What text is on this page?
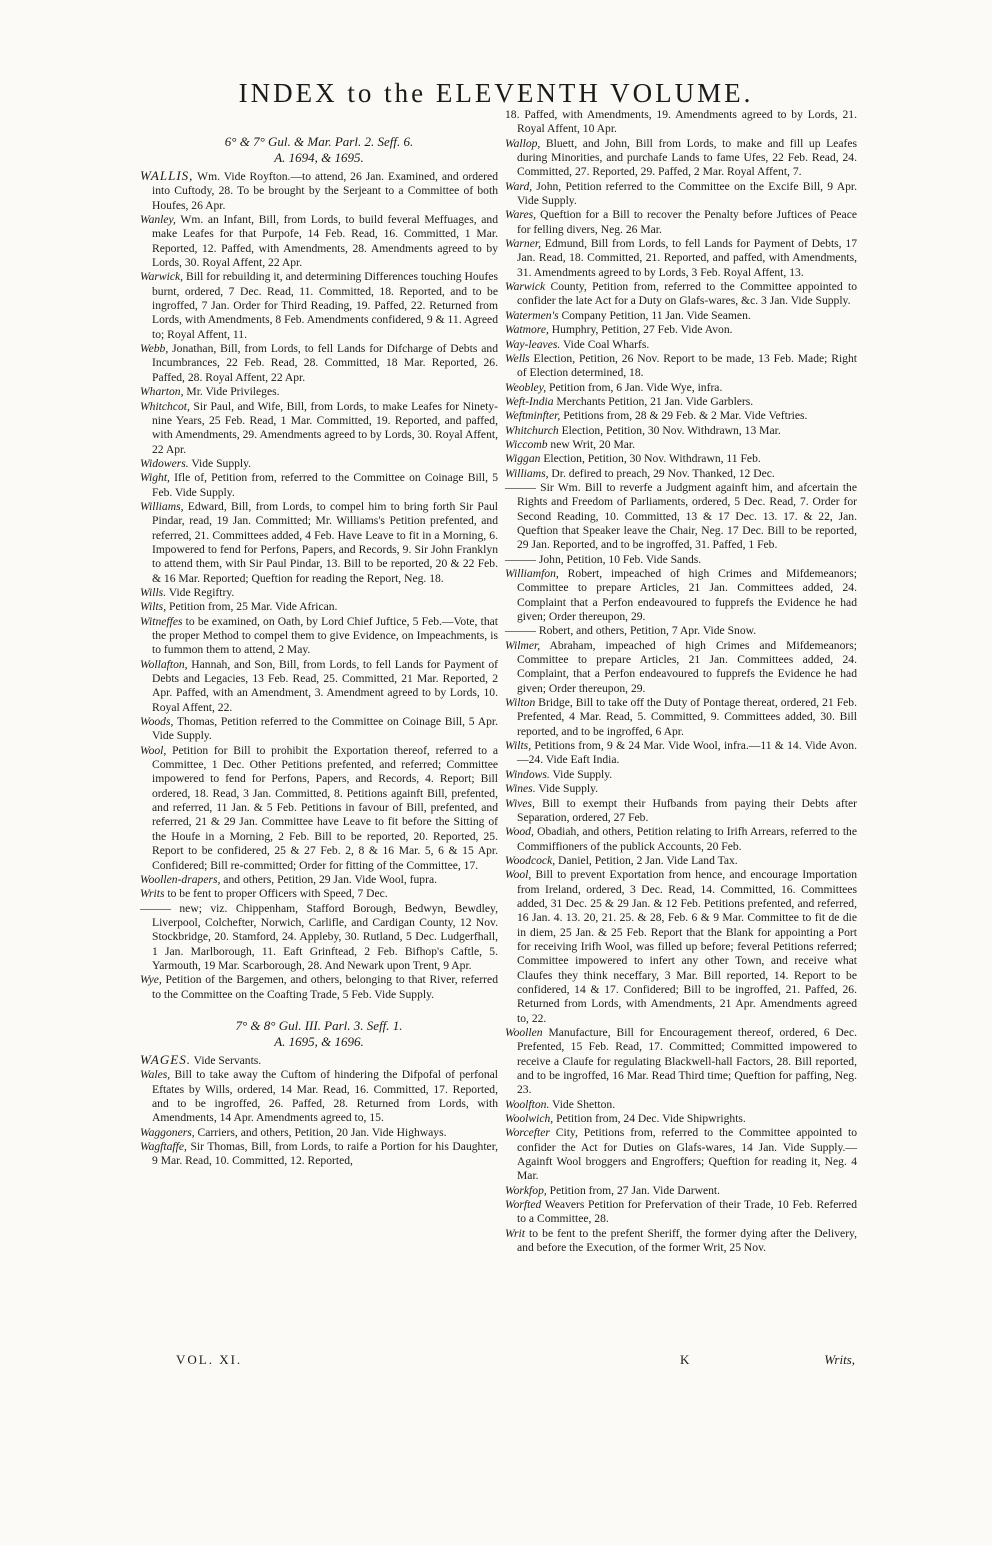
INDEX to the ELEVENTH VOLUME.
6° & 7° Gul. & Mar. Parl. 2. Seff. 6.
A. 1694, & 1695.

WALLIS, Wm. Vide Royfton.—to attend, 26 Jan. Examined, and ordered into Cuftody, 28. To be brought by the Serjeant to a Committee of both Houfes, 26 Apr.

Wanley, Wm. an Infant, Bill, from Lords, to build feveral Meffuages, and make Leafes for that Purpofe, 14 Feb. Read, 16. Committed, 1 Mar. Reported, 12. Paffed, with Amendments, 28. Amendments agreed to by Lords, 30. Royal Affent, 22 Apr.

Warwick, Bill for rebuilding it, and determining Differences touching Houfes burnt, ordered, 7 Dec. Read, 11. Committed, 18. Reported, and to be ingroffed, 7 Jan. Order for Third Reading, 19. Paffed, 22. Returned from Lords, with Amendments, 8 Feb. Amendments confidered, 9 & 11. Agreed to; Royal Affent, 11.

Webb, Jonathan, Bill, from Lords, to fell Lands for Difcharge of Debts and Incumbrances, 22 Feb. Read, 28. Committed, 18 Mar. Reported, 26. Paffed, 28. Royal Affent, 22 Apr.

Wharton, Mr. Vide Privileges.

Whitchcot, Sir Paul, and Wife, Bill, from Lords, to make Leafes for Ninety-nine Years, 25 Feb. Read, 1 Mar. Committed, 19. Reported, and paffed, with Amendments, 29. Amendments agreed to by Lords, 30. Royal Affent, 22 Apr.

Widowers. Vide Supply.

Wight, Ifle of, Petition from, referred to the Committee on Coinage Bill, 5 Feb. Vide Supply.

Williams, Edward, Bill, from Lords, to compel him to bring forth Sir Paul Pindar, read, 19 Jan. Committed; Mr. Williams's Petition prefented, and referred, 21. Committees added, 4 Feb. Have Leave to fit in a Morning, 6. Impowered to fend for Perfons, Papers, and Records, 9. Sir John Franklyn to attend them, with Sir Paul Pindar, 13. Bill to be reported, 20 & 22 Feb. & 16 Mar. Reported; Queftion for reading the Report, Neg. 18.

Wills. Vide Regiftry.

Wilts, Petition from, 25 Mar. Vide African.

Witneffes to be examined, on Oath, by Lord Chief Juftice, 5 Feb.—Vote, that the proper Method to compel them to give Evidence, on Impeachments, is to fummon them to attend, 2 May.

Wollafton, Hannah, and Son, Bill, from Lords, to fell Lands for Payment of Debts and Legacies, 13 Feb. Read, 25. Committed, 21 Mar. Reported, 2 Apr. Paffed, with an Amendment, 3. Amendment agreed to by Lords, 10. Royal Affent, 22.

Woods, Thomas, Petition referred to the Committee on Coinage Bill, 5 Apr. Vide Supply.

Wool, Petition for Bill to prohibit the Exportation thereof, referred to a Committee, 1 Dec. Other Petitions prefented, and referred; Committee impowered to fend for Perfons, Papers, and Records, 4. Report; Bill ordered, 18. Read, 3 Jan. Committed, 8. Petitions againft Bill, prefented, and referred, 11 Jan. & 5 Feb. Petitions in favour of Bill, prefented, and referred, 21 & 29 Jan. Committee have Leave to fit before the Sitting of the Houfe in a Morning, 2 Feb. Bill to be reported, 20. Reported, 25. Report to be confidered, 25 & 27 Feb. 2, 8 & 16 Mar. 5, 6 & 15 Apr. Confidered; Bill re-committed; Order for fitting of the Committee, 17.

Woollen-drapers, and others, Petition, 29 Jan. Vide Wool, fupra.

Writs to be fent to proper Officers with Speed, 7 Dec.

——— new; viz. Chippenham, Stafford Borough, Bedwyn, Bewdley, Liverpool, Colchefter, Norwich, Carlifle, and Cardigan County, 12 Nov. Stockbridge, 20. Stamford, 24. Appleby, 30. Rutland, 5 Dec. Ludgerfhall, 1 Jan. Marlborough, 11. Eaft Grinftead, 2 Feb. Bifhop's Caftle, 5. Yarmouth, 19 Mar. Scarborough, 28. And Newark upon Trent, 9 Apr.

Wye, Petition of the Bargemen, and others, belonging to that River, referred to the Committee on the Coafting Trade, 5 Feb. Vide Supply.

7° & 8° Gul. III. Parl. 3. Seff. 1.
A. 1695, & 1696.

WAGES. Vide Servants.

Wales, Bill to take away the Cuftom of hindering the Difpofal of perfonal Eftates by Wills, ordered, 14 Mar. Read, 16. Committed, 17. Reported, and to be ingroffed, 26. Paffed, 28. Returned from Lords, with Amendments, 14 Apr. Amendments agreed to, 15.

Waggoners, Carriers, and others, Petition, 20 Jan. Vide Highways.

Wagftaffe, Sir Thomas, Bill, from Lords, to raife a Portion for his Daughter, 9 Mar. Read, 10. Committed, 12. Reported,

18. Paffed, with Amendments, 19. Amendments agreed to by Lords, 21. Royal Affent, 10 Apr.

Wallop, Bluett, and John, Bill from Lords, to make and fill up Leafes during Minorities, and purchafe Lands to fame Ufes, 22 Feb. Read, 24. Committed, 27. Reported, 29. Paffed, 2 Mar. Royal Affent, 7.

Ward, John, Petition referred to the Committee on the Excife Bill, 9 Apr. Vide Supply.

Wares, Queftion for a Bill to recover the Penalty before Juftices of Peace for felling divers, Neg. 26 Mar.

Warner, Edmund, Bill from Lords, to fell Lands for Payment of Debts, 17 Jan. Read, 18. Committed, 21. Reported, and paffed, with Amendments, 31. Amendments agreed to by Lords, 3 Feb. Royal Affent, 13.

Warwick County, Petition from, referred to the Committee appointed to confider the late Act for a Duty on Glafs-wares, &c. 3 Jan. Vide Supply.

Watermen's Company Petition, 11 Jan. Vide Seamen.

Watmore, Humphry, Petition, 27 Feb. Vide Avon.

Way-leaves. Vide Coal Wharfs.

Wells Election, Petition, 26 Nov. Report to be made, 13 Feb. Made; Right of Election determined, 18.

Weobley, Petition from, 6 Jan. Vide Wye, infra.

Weft-India Merchants Petition, 21 Jan. Vide Garblers.

Weftminfter, Petitions from, 28 & 29 Feb. & 2 Mar. Vide Veftries.

Whitchurch Election, Petition, 30 Nov. Withdrawn, 13 Mar.

Wiccomb new Writ, 20 Mar.

Wiggan Election, Petition, 30 Nov. Withdrawn, 11 Feb.

Williams, Dr. defired to preach, 29 Nov. Thanked, 12 Dec.

——— Sir Wm. Bill to reverfe a Judgment againft him, and afcertain the Rights and Freedom of Parliaments, ordered, 5 Dec. Read, 7. Order for Second Reading, 10. Committed, 13 & 17 Dec. 13. 17. & 22, Jan. Queftion that Speaker leave the Chair, Neg. 17 Dec. Bill to be reported, 29 Jan. Reported, and to be ingroffed, 31. Paffed, 1 Feb.

——— John, Petition, 10 Feb. Vide Sands.

Williamfon, Robert, impeached of high Crimes and Mifdemeanors; Committee to prepare Articles, 21 Jan. Committees added, 24. Complaint that a Perfon endeavoured to fupprefs the Evidence he had given; Order thereupon, 29.

——— Robert, and others, Petition, 7 Apr. Vide Snow.

Wilmer, Abraham, impeached of high Crimes and Mifdemeanors; Committee to prepare Articles, 21 Jan. Committees added, 24. Complaint, that a Perfon endeavoured to fupprefs the Evidence he had given; Order thereupon, 29.

Wilton Bridge, Bill to take off the Duty of Pontage thereat, ordered, 21 Feb. Prefented, 4 Mar. Read, 5. Committed, 9. Committees added, 30. Bill reported, and to be ingroffed, 6 Apr.

Wilts, Petitions from, 9 & 24 Mar. Vide Wool, infra.—11 & 14. Vide Avon.—24. Vide Eaft India.

Windows. Vide Supply.

Wines. Vide Supply.

Wives, Bill to exempt their Hufbands from paying their Debts after Separation, ordered, 27 Feb.

Wood, Obadiah, and others, Petition relating to Irifh Arrears, referred to the Commiffioners of the publick Accounts, 20 Feb.

Woodcock, Daniel, Petition, 2 Jan. Vide Land Tax.

Wool, Bill to prevent Exportation from hence, and encourage Importation from Ireland, ordered, 3 Dec. Read, 14. Committed, 16. Committees added, 31 Dec. 25 & 29 Jan. & 12 Feb. Petitions prefented, and referred, 16 Jan. 4. 13. 20, 21. 25. & 28, Feb. 6 & 9 Mar. Committee to fit de die in diem, 25 Jan. & 25 Feb. Report that the Blank for appointing a Port for receiving Irifh Wool, was filled up before; feveral Petitions referred; Committee impowered to infert any other Town, and receive what Claufes they think neceffary, 3 Mar. Bill reported, 14. Report to be confidered, 14 & 17. Confidered; Bill to be ingroffed, 21. Paffed, 26. Returned from Lords, with Amendments, 21 Apr. Amendments agreed to, 22.

Woollen Manufacture, Bill for Encouragement thereof, ordered, 6 Dec. Prefented, 15 Feb. Read, 17. Committed; Committed impowered to receive a Claufe for regulating Blackwell-hall Factors, 28. Bill reported, and to be ingroffed, 16 Mar. Read Third time; Queftion for paffing, Neg. 23.

Woolfton. Vide Shetton.

Woolwich, Petition from, 24 Dec. Vide Shipwrights.

Worcefter City, Petitions from, referred to the Committee appointed to confider the Act for Duties on Glafs-wares, 14 Jan. Vide Supply.—Againft Wool broggers and Engroffers; Queftion for reading it, Neg. 4 Mar.

Workfop, Petition from, 27 Jan. Vide Darwent.

Worfted Weavers Petition for Prefervation of their Trade, 10 Feb. Referred to a Committee, 28.

Writ to be fent to the prefent Sheriff, the former dying after the Delivery, and before the Execution, of the former Writ, 25 Nov.

VOL. XI.	K	Writs,
